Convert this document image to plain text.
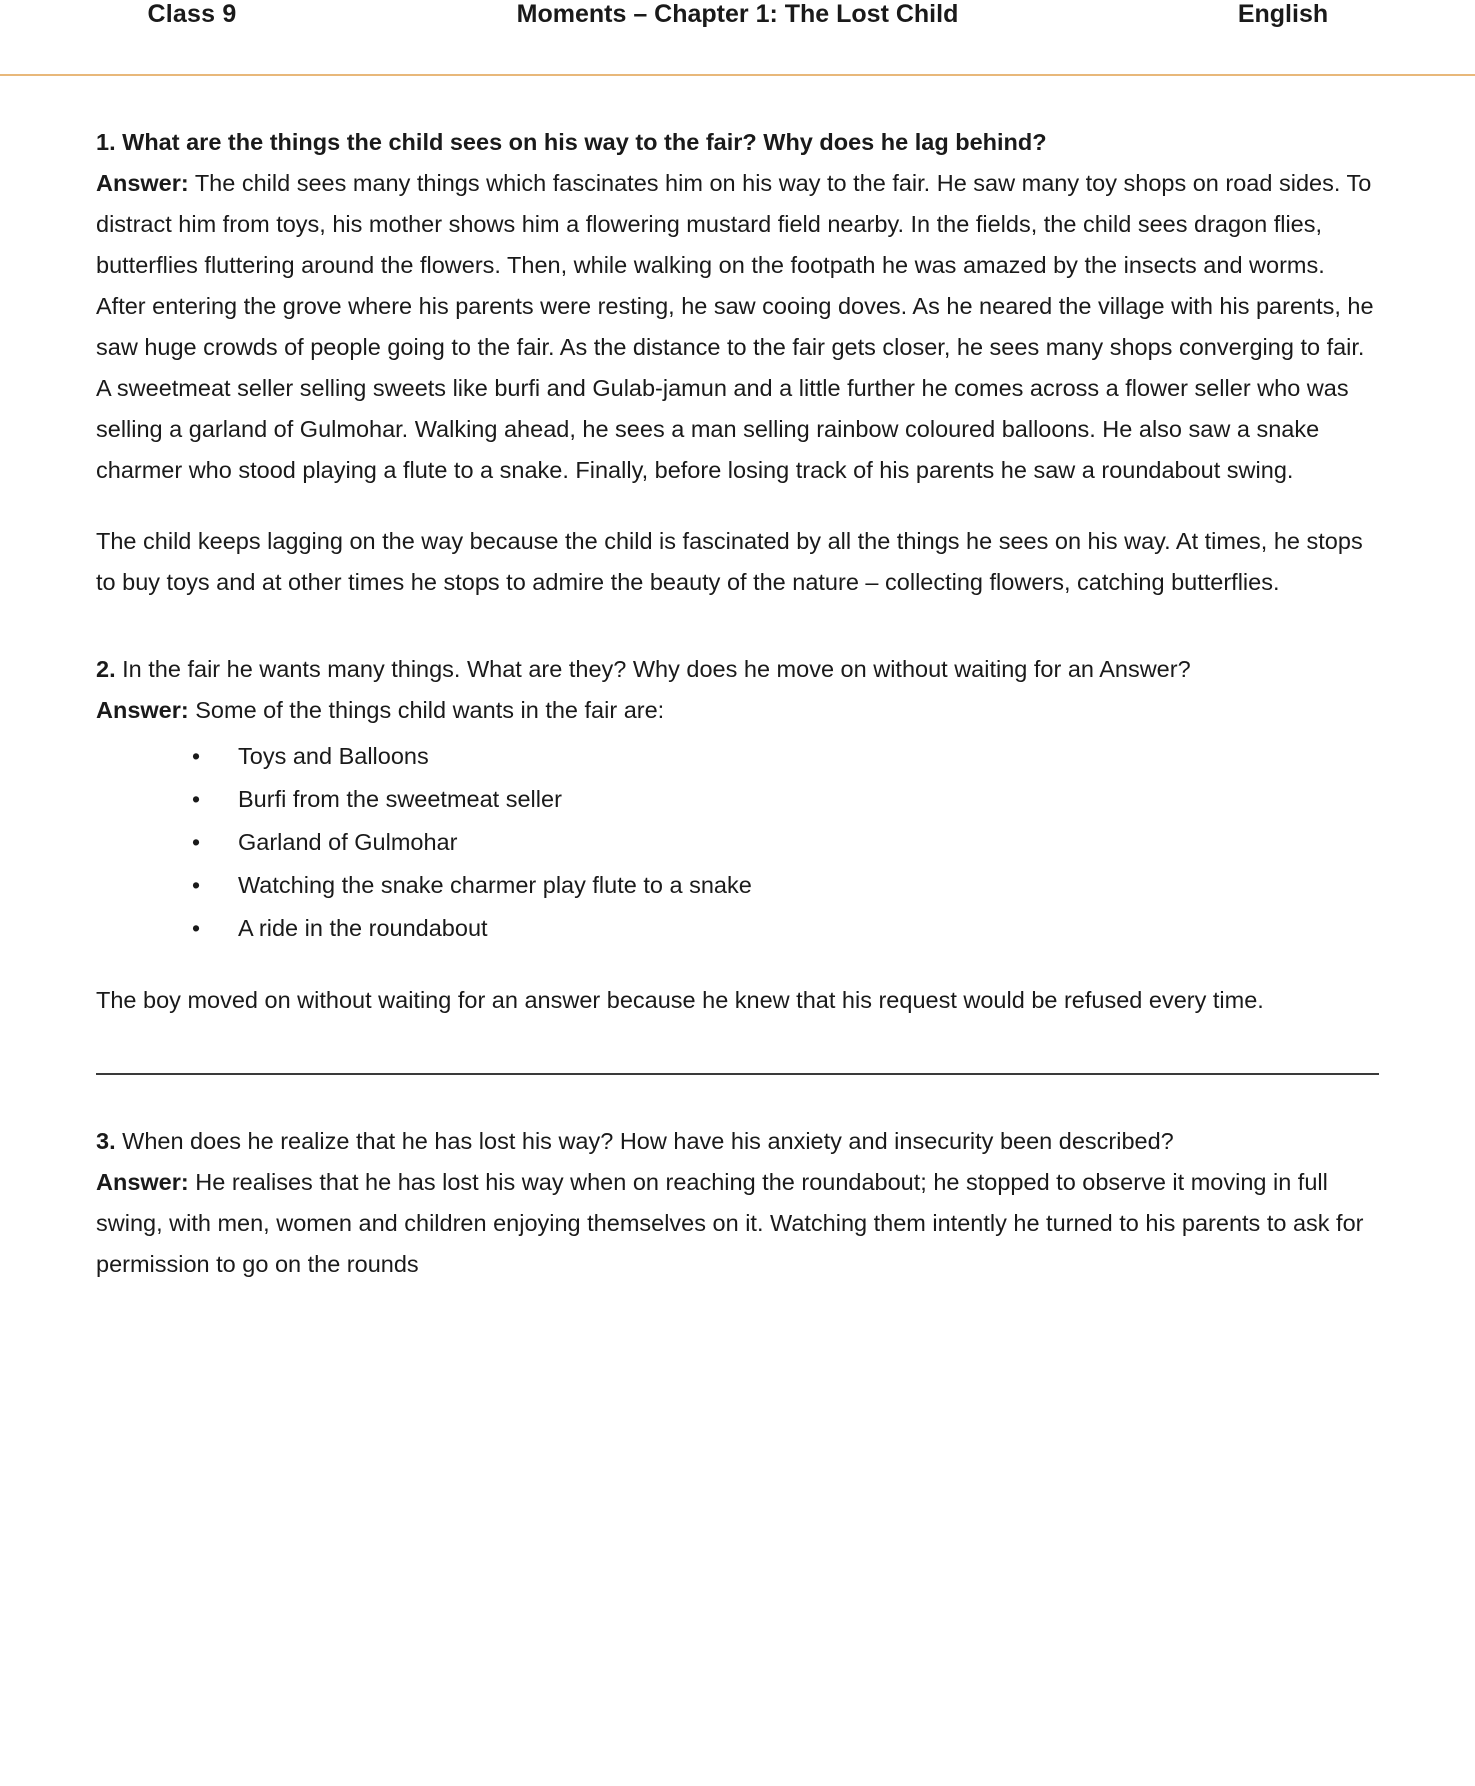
Class 9	Moments – Chapter 1: The Lost Child	English

1. What are the things the child sees on his way to the fair? Why does he lag behind?

Answer: The child sees many things which fascinates him on his way to the fair. He saw many toy shops on road sides. To distract him from toys, his mother shows him a flowering mustard field nearby. In the fields, the child sees dragon flies, butterflies fluttering around the flowers. Then, while walking on the footpath he was amazed by the insects and worms. After entering the grove where his parents were resting, he saw cooing doves. As he neared the village with his parents, he saw huge crowds of people going to the fair. As the distance to the fair gets closer, he sees many shops converging to fair. A sweetmeat seller selling sweets like burfi and Gulab-jamun and a little further he comes across a flower seller who was selling a garland of Gulmohar. Walking ahead, he sees a man selling rainbow coloured balloons. He also saw a snake charmer who stood playing a flute to a snake. Finally, before losing track of his parents he saw a roundabout swing.

The child keeps lagging on the way because the child is fascinated by all the things he sees on his way. At times, he stops to buy toys and at other times he stops to admire the beauty of the nature – collecting flowers, catching butterflies.

2. In the fair he wants many things. What are they? Why does he move on without waiting for an Answer?

Answer: Some of the things child wants in the fair are:

• Toys and Balloons
• Burfi from the sweetmeat seller
• Garland of Gulmohar
• Watching the snake charmer play flute to a snake
• A ride in the roundabout

The boy moved on without waiting for an answer because he knew that his request would be refused every time.

3. When does he realize that he has lost his way? How have his anxiety and insecurity been described?

Answer: He realises that he has lost his way when on reaching the roundabout; he stopped to observe it moving in full swing, with men, women and children enjoying themselves on it. Watching them intently he turned to his parents to ask for permission to go on the rounds
